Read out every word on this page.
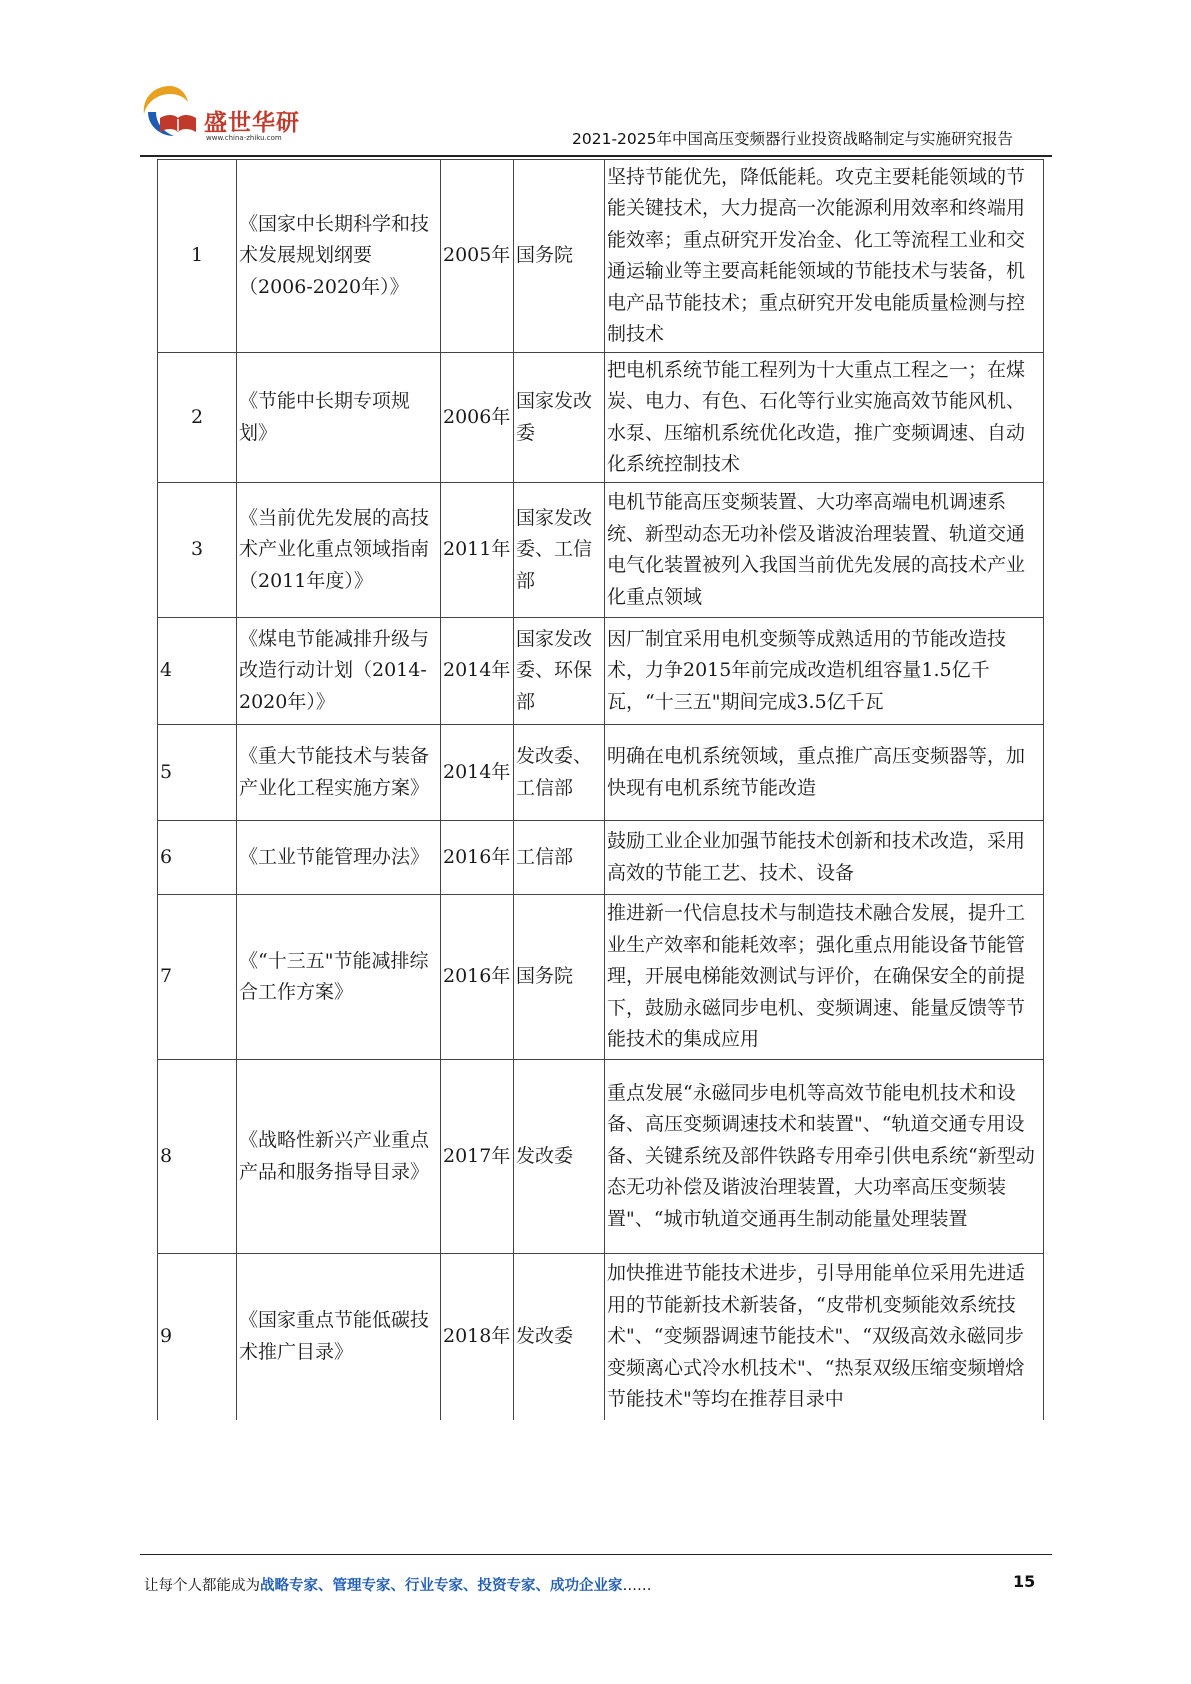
盛世华研
www.china-zhiku.com	2021-2025年中国高压变频器行业投资战略制定与实施研究报告
1	《国家中长期科学和技术发展规划纲要（2006-2020年）》	2005年	国务院	坚持节能优先，降低能耗。攻克主要耗能领域的节能关键技术，大力提高一次能源利用效率和终端用能效率；重点研究开发冶金、化工等流程工业和交通运输业等主要高耗能领域的节能技术与装备，机电产品节能技术；重点研究开发电能质量检测与控制技术
2	《节能中长期专项规划》	2006年	国家发改委	把电机系统节能工程列为十大重点工程之一；在煤炭、电力、有色、石化等行业实施高效节能风机、水泵、压缩机系统优化改造，推广变频调速、自动化系统控制技术
3	《当前优先发展的高技术产业化重点领域指南（2011年度）》	2011年	国家发改委、工信部	电机节能高压变频装置、大功率高端电机调速系统、新型动态无功补偿及谐波治理装置、轨道交通电气化装置被列入我国当前优先发展的高技术产业化重点领域
4	《煤电节能减排升级与改造行动计划（2014-2020年）》	2014年	国家发改委、环保部	因厂制宜采用电机变频等成熟适用的节能改造技术，力争2015年前完成改造机组容量1.5亿千瓦，“十三五"期间完成3.5亿千瓦
5	《重大节能技术与装备产业化工程实施方案》	2014年	发改委、工信部	明确在电机系统领域，重点推广高压变频器等，加快现有电机系统节能改造
6	《工业节能管理办法》	2016年	工信部	鼓励工业企业加强节能技术创新和技术改造，采用高效的节能工艺、技术、设备
7	《“十三五"节能减排综合工作方案》	2016年	国务院	推进新一代信息技术与制造技术融合发展，提升工业生产效率和能耗效率；强化重点用能设备节能管理，开展电梯能效测试与评价，在确保安全的前提下，鼓励永磁同步电机、变频调速、能量反馈等节能技术的集成应用
8	《战略性新兴产业重点产品和服务指导目录》	2017年	发改委	重点发展“永磁同步电机等高效节能电机技术和设备、高压变频调速技术和装置"、“轨道交通专用设备、关键系统及部件铁路专用牵引供电系统“新型动态无功补偿及谐波治理装置，大功率高压变频装置"、“城市轨道交通再生制动能量处理装置
9	《国家重点节能低碳技术推广目录》	2018年	发改委	加快推进节能技术进步，引导用能单位采用先进适用的节能新技术新装备，“皮带机变频能效系统技术"、“变频器调速节能技术"、“双级高效永磁同步变频离心式冷水机技术"、“热泵双级压缩变频增焓节能技术"等均在推荐目录中
让每个人都能成为战略专家、管理专家、行业专家、投资专家、成功企业家……	15
